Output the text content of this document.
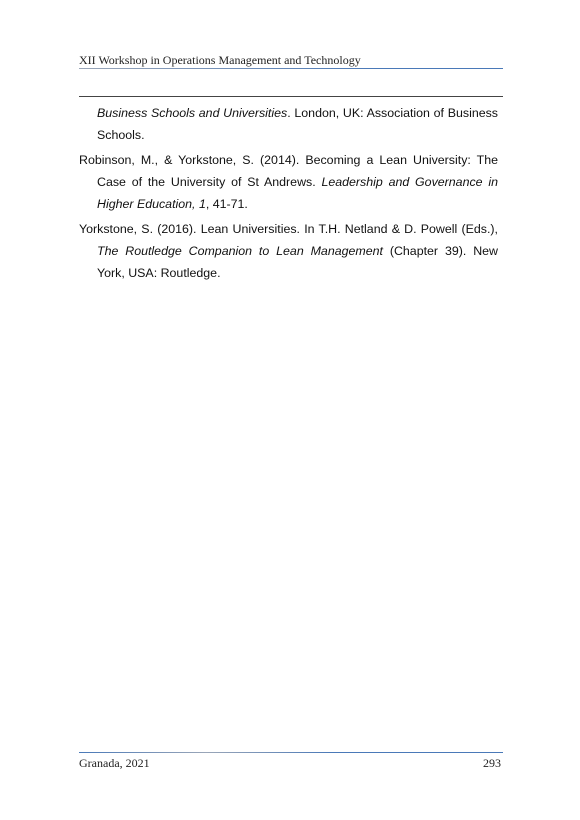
XII Workshop in Operations Management and Technology

Business Schools and Universities. London, UK: Association of Business Schools.

Robinson, M., & Yorkstone, S. (2014). Becoming a Lean University: The Case of the University of St Andrews. Leadership and Governance in Higher Education, 1, 41-71.

Yorkstone, S. (2016). Lean Universities. In T.H. Netland & D. Powell (Eds.), The Routledge Companion to Lean Management (Chapter 39). New York, USA: Routledge.

Granada, 2021	293
